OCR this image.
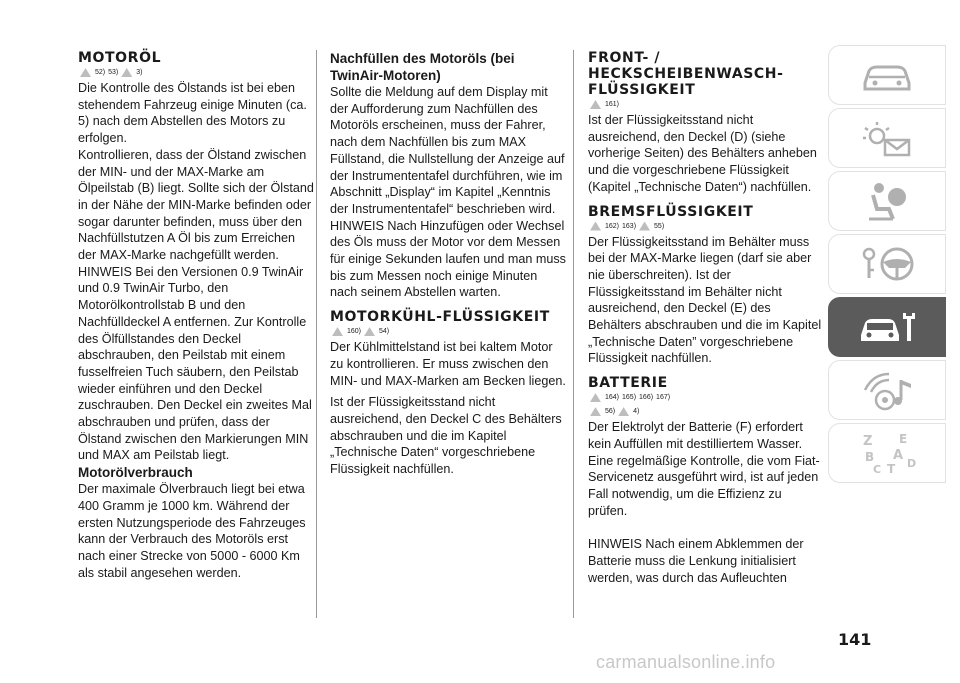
MOTORÖL
52) 53)	3)

Die Kontrolle des Ölstands ist bei eben stehendem Fahrzeug einige Minuten (ca. 5) nach dem Abstellen des Motors zu erfolgen.

Kontrollieren, dass der Ölstand zwischen der MIN- und der MAX-Marke am Ölpeilstab (B) liegt. Sollte sich der Ölstand in der Nähe der MIN-Marke befinden oder sogar darunter befinden, muss über den Nachfüllstutzen A Öl bis zum Erreichen der MAX-Marke nachgefüllt werden.

HINWEIS Bei den Versionen 0.9 TwinAir und 0.9 TwinAir Turbo, den Motorölkontrollstab B und den Nachfülldeckel A entfernen. Zur Kontrolle des Ölfüllstandes den Deckel abschrauben, den Peilstab mit einem fusselfreien Tuch säubern, den Peilstab wieder einführen und den Deckel zuschrauben. Den Deckel ein zweites Mal abschrauben und prüfen, dass der Ölstand zwischen den Markierungen MIN und MAX am Peilstab liegt.

Motorölverbrauch

Der maximale Ölverbrauch liegt bei etwa 400 Gramm je 1000 km. Während der ersten Nutzungsperiode des Fahrzeuges kann der Verbrauch des Motoröls erst nach einer Strecke von 5000 - 6000 Km als stabil angesehen werden.

Nachfüllen des Motoröls (bei TwinAir-Motoren)

Sollte die Meldung auf dem Display mit der Aufforderung zum Nachfüllen des Motoröls erscheinen, muss der Fahrer, nach dem Nachfüllen bis zum MAX Füllstand, die Nullstellung der Anzeige auf der Instrumententafel durchführen, wie im Abschnitt „Display“ im Kapitel „Kenntnis der Instrumententafel“ beschrieben wird.

HINWEIS Nach Hinzufügen oder Wechsel des Öls muss der Motor vor dem Messen für einige Sekunden laufen und man muss bis zum Messen noch einige Minuten nach seinem Abstellen warten.

MOTORKÜHL-FLÜSSIGKEIT
160)	54)

Der Kühlmittelstand ist bei kaltem Motor zu kontrollieren. Er muss zwischen den MIN- und MAX-Marken am Becken liegen.

Ist der Flüssigkeitsstand nicht ausreichend, den Deckel C des Behälters abschrauben und die im Kapitel „Technische Daten“ vorgeschriebene Flüssigkeit nachfüllen.

FRONT- / HECKSCHEIBENWASCH-FLÜSSIGKEIT
161)

Ist der Flüssigkeitsstand nicht ausreichend, den Deckel (D) (siehe vorherige Seiten) des Behälters anheben und die vorgeschriebene Flüssigkeit (Kapitel „Technische Daten“) nachfüllen.

BREMSFLÜSSIGKEIT
162) 163)	55)

Der Flüssigkeitsstand im Behälter muss bei der MAX-Marke liegen (darf sie aber nie überschreiten). Ist der Flüssigkeitsstand im Behälter nicht ausreichend, den Deckel (E) des Behälters abschrauben und die im Kapitel „Technische Daten” vorgeschriebene Flüssigkeit nachfüllen.

BATTERIE
164) 165) 166) 167)
56)	4)

Der Elektrolyt der Batterie (F) erfordert kein Auffüllen mit destilliertem Wasser. Eine regelmäßige Kontrolle, die vom Fiat-Servicenetz ausgeführt wird, ist auf jeden Fall notwendig, um die Effizienz zu prüfen.

HINWEIS Nach einem Abklemmen der Batterie muss die Lenkung initialisiert werden, was durch das Aufleuchten

Z E
B A
C T D
141
carmanualsonline.info
